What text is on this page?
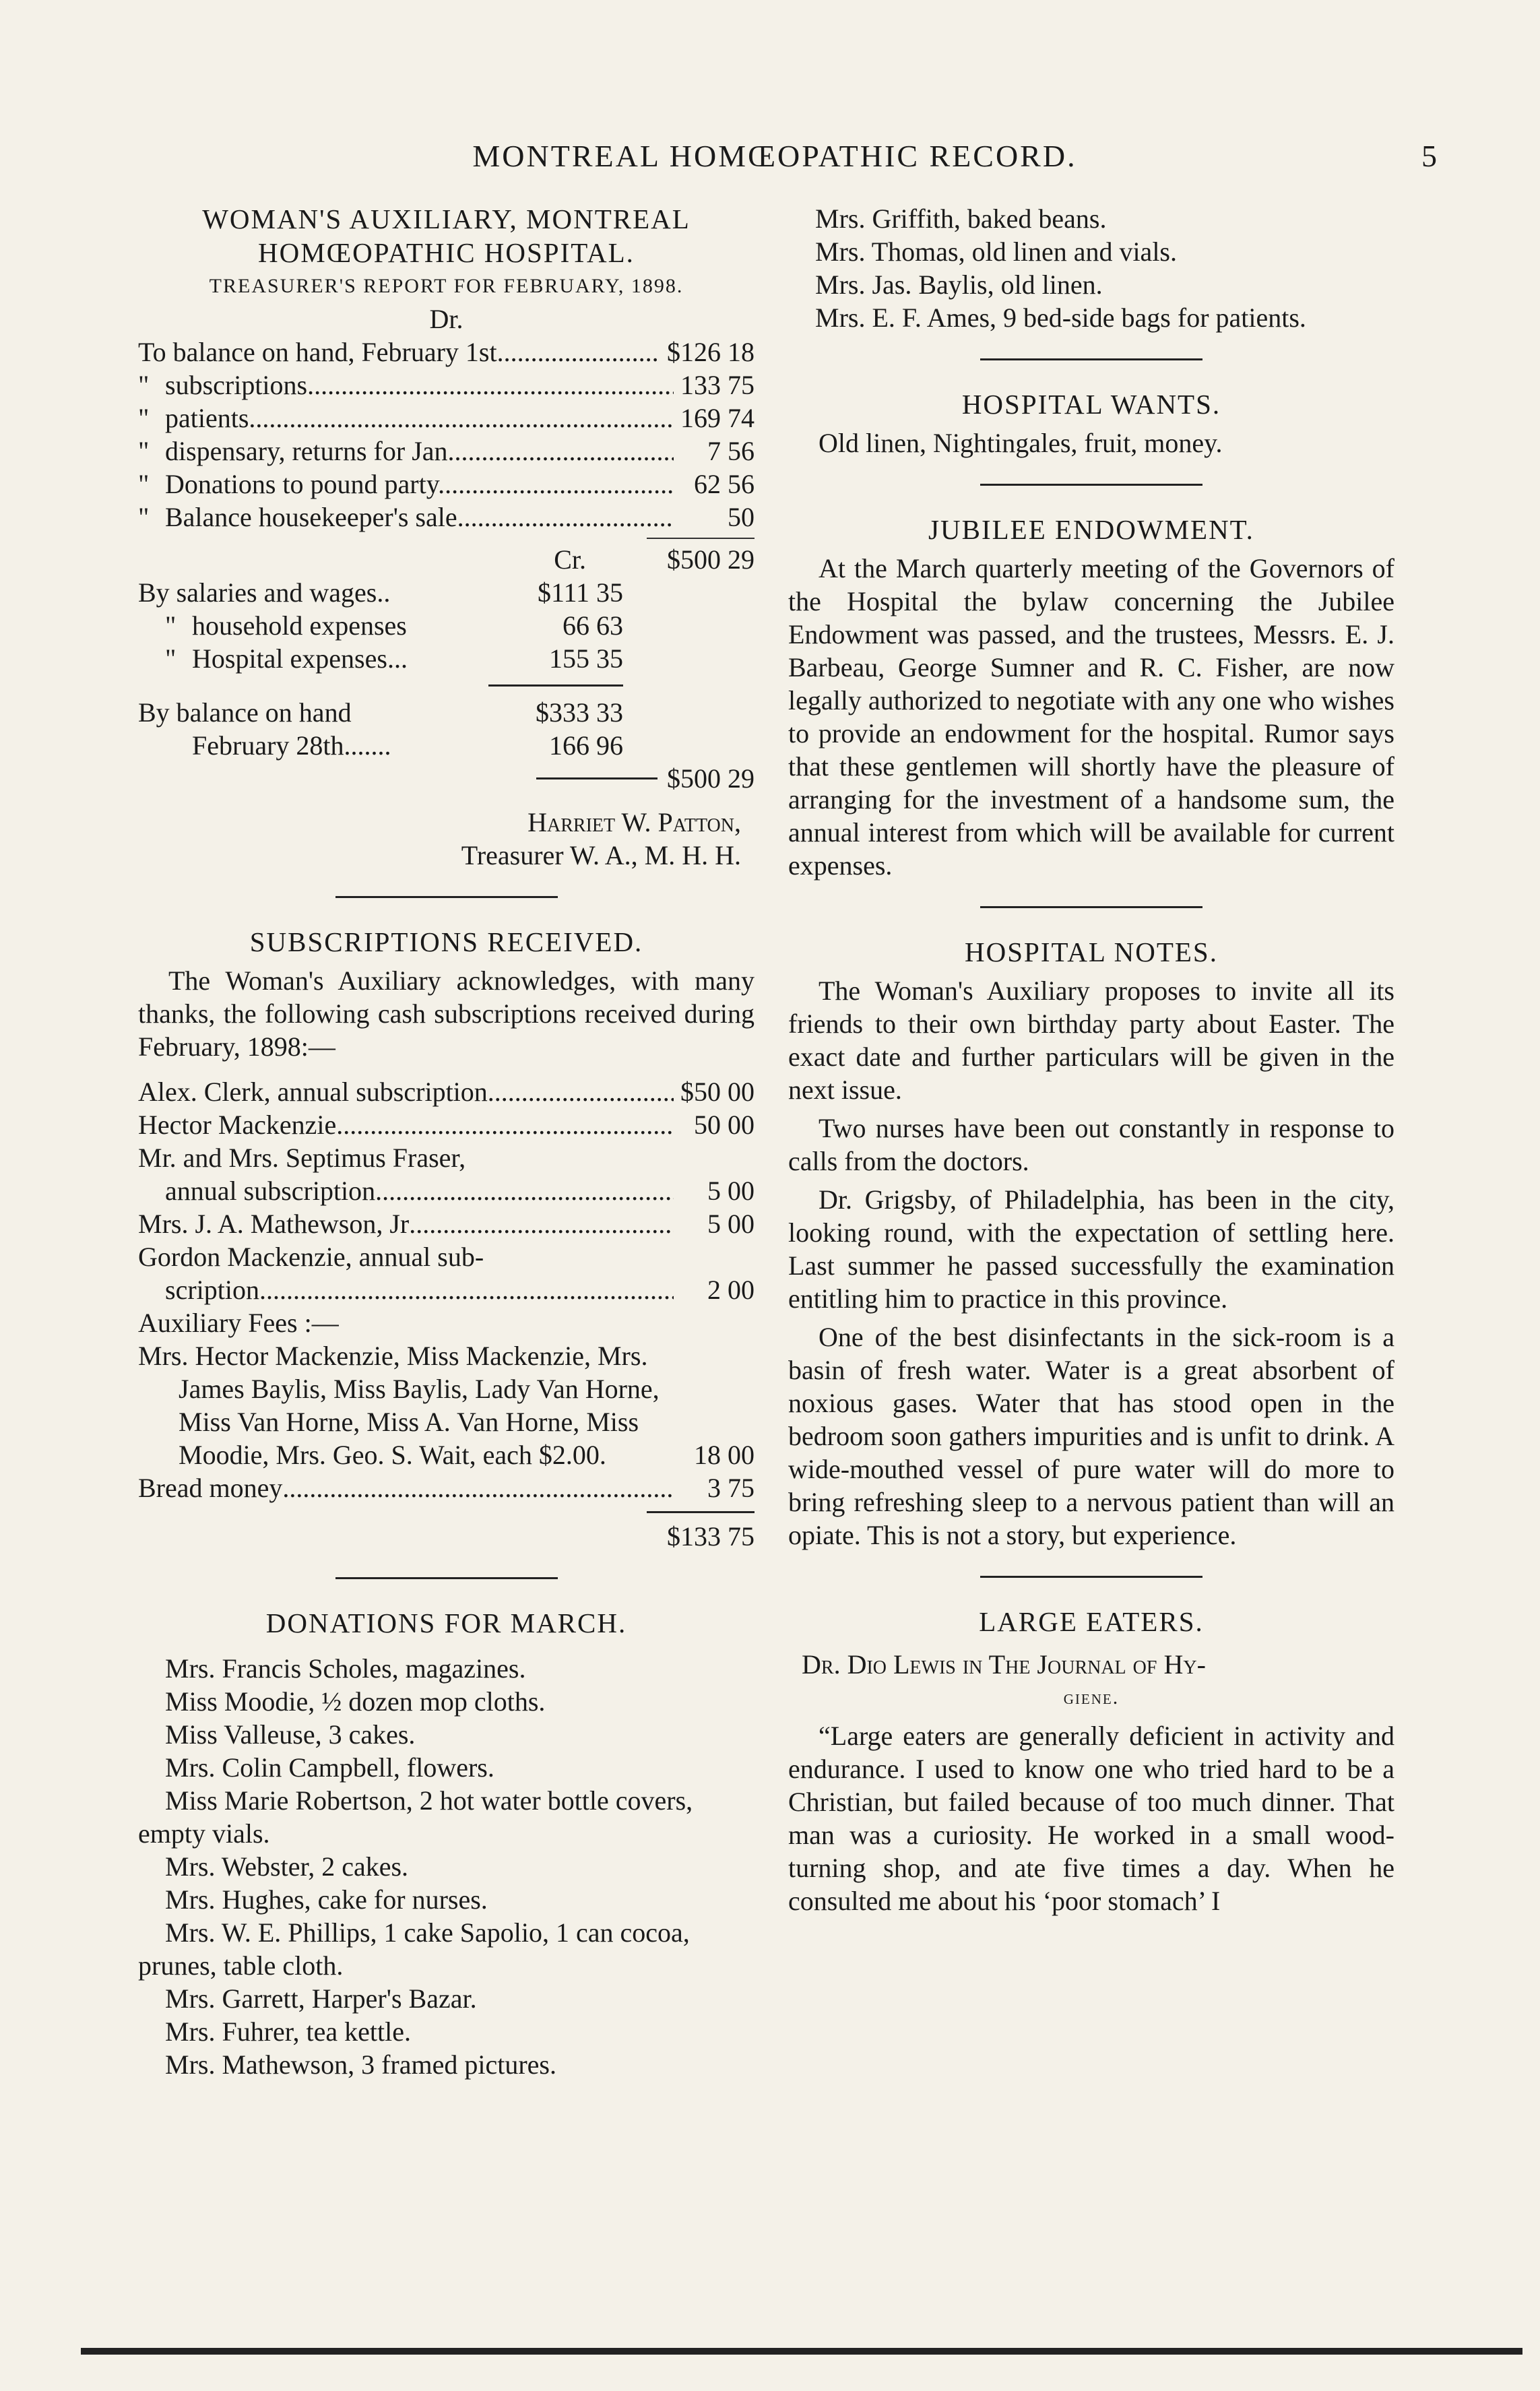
MONTREAL HOMŒOPATHIC RECORD.	5

WOMAN'S AUXILIARY, MONTREAL

HOMŒOPATHIC HOSPITAL.

TREASURER'S REPORT FOR FEBRUARY, 1898.

Dr.

To balance on hand, February 1st .....	$126 18
" subscriptions .....	133 75
" patients .....	169 74
" dispensary, returns for Jan... .....	7 56
" Donations to pound party..... .....	62 56
" Balance housekeeper's sale... .....	50
Cr.	$500 29
By salaries and wages..	$111 35
" household expenses	66 63
" Hospital expenses...	155 35
By balance on hand	$333 33
February 28th.......	166 96
$500 29

Harriet W. Patton,

Treasurer W. A., M. H. H.

SUBSCRIPTIONS RECEIVED.

The Woman's Auxiliary acknowledges, with many thanks, the following cash subscriptions received during February, 1898:—

Alex. Clerk, annual subscription.. .....	$50 00
Hector Mackenzie .....	50 00

Mr. and Mrs. Septimus Fraser,

annual subscription .....	5 00
Mrs. J. A. Mathewson, Jr .....	5 00

Gordon Mackenzie, annual sub-

scription .....	2 00

Auxiliary Fees :—

Mrs. Hector Mackenzie, Miss Mackenzie, Mrs. James Baylis, Miss Baylis, Lady Van Horne, Miss Van Horne, Miss A. Van Horne, Miss Moodie, Mrs. Geo. S. Wait, each $2.00.	18 00
Bread money .....	3 75

$133 75

DONATIONS FOR MARCH.

Mrs. Francis Scholes, magazines.

Miss Moodie, ½ dozen mop cloths.

Miss Valleuse, 3 cakes.

Mrs. Colin Campbell, flowers.

Miss Marie Robertson, 2 hot water bottle covers, empty vials.

Mrs. Webster, 2 cakes.

Mrs. Hughes, cake for nurses.

Mrs. W. E. Phillips, 1 cake Sapolio, 1 can cocoa, prunes, table cloth.

Mrs. Garrett, Harper's Bazar.

Mrs. Fuhrer, tea kettle.

Mrs. Mathewson, 3 framed pictures.

Mrs. Griffith, baked beans.

Mrs. Thomas, old linen and vials.

Mrs. Jas. Baylis, old linen.

Mrs. E. F. Ames, 9 bed-side bags for patients.

HOSPITAL WANTS.

Old linen, Nightingales, fruit, money.

JUBILEE ENDOWMENT.

At the March quarterly meeting of the Governors of the Hospital the bylaw concerning the Jubilee Endowment was passed, and the trustees, Messrs. E. J. Barbeau, George Sumner and R. C. Fisher, are now legally authorized to negotiate with any one who wishes to provide an endowment for the hospital. Rumor says that these gentlemen will shortly have the pleasure of arranging for the investment of a handsome sum, the annual interest from which will be available for current expenses.

HOSPITAL NOTES.

The Woman's Auxiliary proposes to invite all its friends to their own birthday party about Easter. The exact date and further particulars will be given in the next issue.

Two nurses have been out constantly in response to calls from the doctors.

Dr. Grigsby, of Philadelphia, has been in the city, looking round, with the expectation of settling here. Last summer he passed successfully the examination entitling him to practice in this province.

One of the best disinfectants in the sick-room is a basin of fresh water. Water is a great absorbent of noxious gases. Water that has stood open in the bedroom soon gathers impurities and is unfit to drink. A wide-mouthed vessel of pure water will do more to bring refreshing sleep to a nervous patient than will an opiate. This is not a story, but experience.

LARGE EATERS.

Dr. Dio Lewis in The Journal of Hy-

giene.

“Large eaters are generally deficient in activity and endurance. I used to know one who tried hard to be a Christian, but failed because of too much dinner. That man was a curiosity. He worked in a small wood-turning shop, and ate five times a day. When he consulted me about his ‘poor stomach’ I
